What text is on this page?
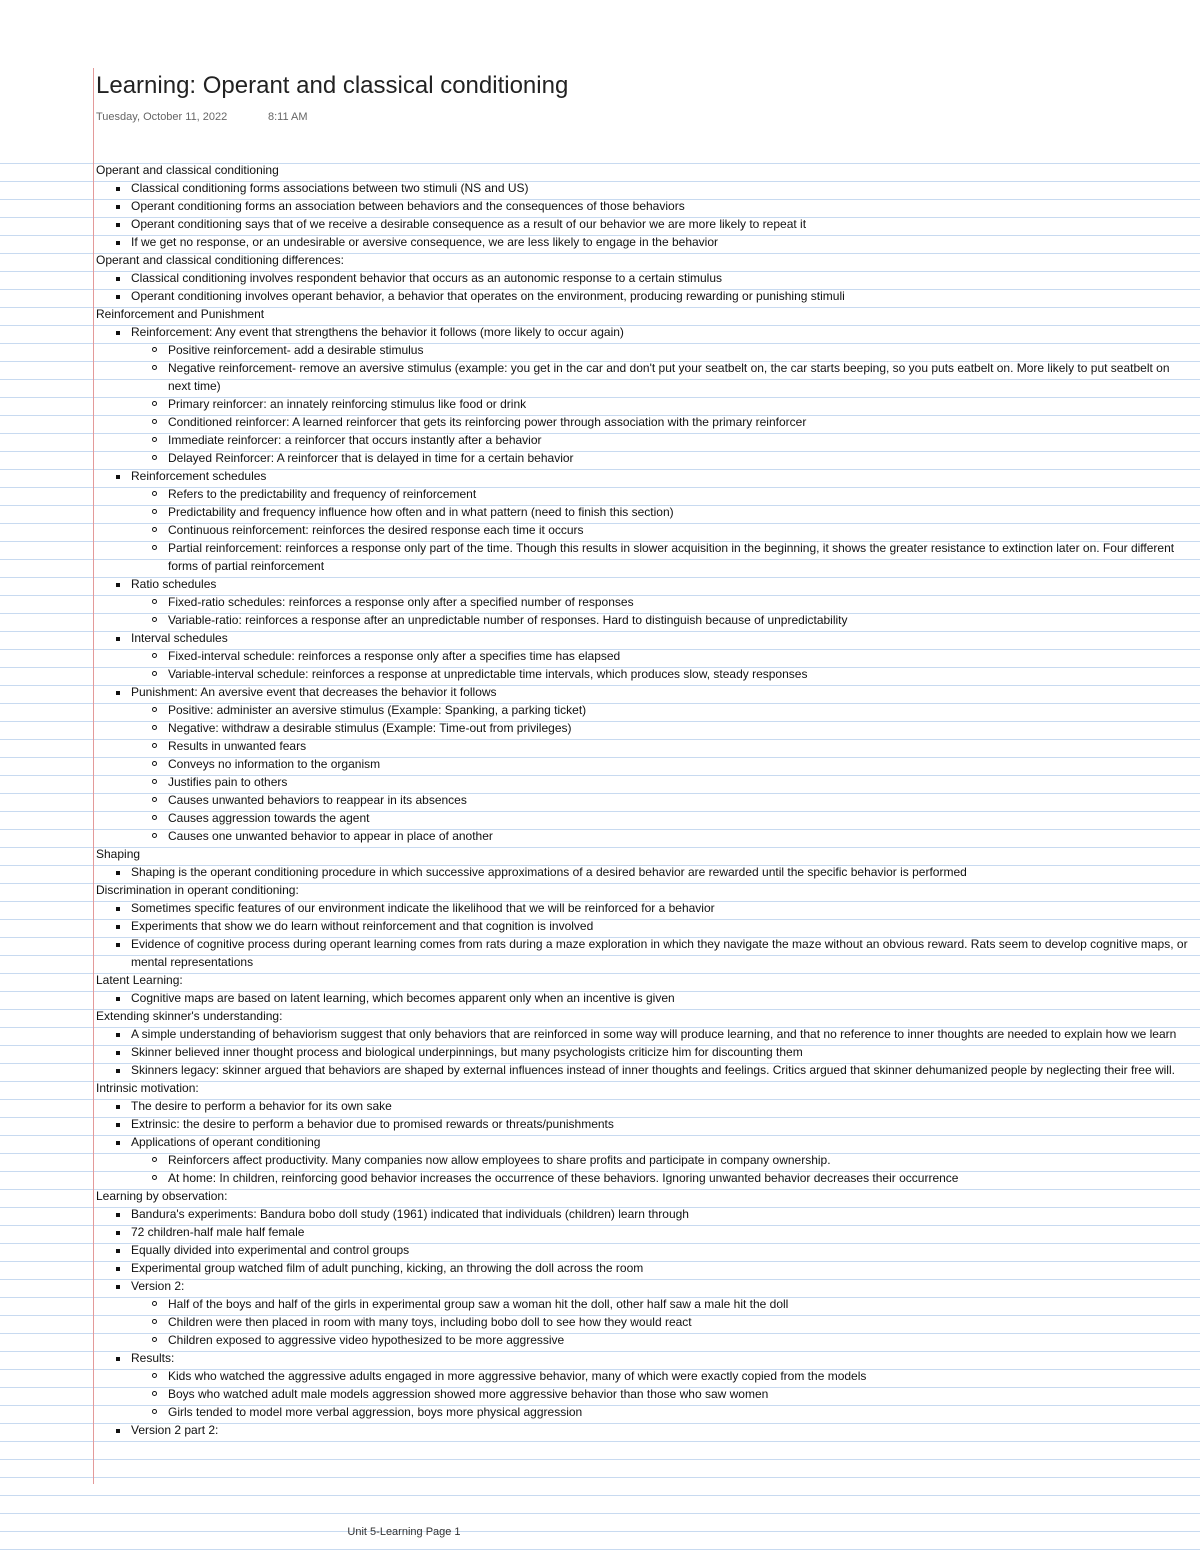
Learning: Operant and classical conditioning
Tuesday, October 11, 2022	8:11 AM
Operant and classical conditioning
Classical conditioning forms associations between two stimuli (NS and US)
Operant conditioning forms an association between behaviors and the consequences of those behaviors
Operant conditioning says that of we receive a desirable consequence as a result of our behavior we are more likely to repeat it
If we get no response, or an undesirable or aversive consequence, we are less likely to engage in the behavior
Operant and classical conditioning differences:
Classical conditioning involves respondent behavior that occurs as an autonomic response to a certain stimulus
Operant conditioning involves operant behavior, a behavior that operates on the environment, producing rewarding or punishing stimuli
Reinforcement and Punishment
Reinforcement: Any event that strengthens the behavior it follows (more likely to occur again)
Positive reinforcement- add a desirable stimulus
Negative reinforcement- remove an aversive stimulus (example: you get in the car and don't put your seatbelt on, the car starts beeping, so you puts eatbelt on. More likely to put seatbelt on next time)
Primary reinforcer: an innately reinforcing stimulus like food or drink
Conditioned reinforcer: A learned reinforcer that gets its reinforcing power through association with the primary reinforcer
Immediate reinforcer: a reinforcer that occurs instantly after a behavior
Delayed Reinforcer: A reinforcer that is delayed in time for a certain behavior
Reinforcement schedules
Refers to the predictability and frequency of reinforcement
Predictability and frequency influence how often and in what pattern (need to finish this section)
Continuous reinforcement: reinforces the desired response each time it occurs
Partial reinforcement: reinforces a response only part of the time. Though this results in slower acquisition in the beginning, it shows the greater resistance to extinction later on. Four different forms of partial reinforcement
Ratio schedules
Fixed-ratio schedules: reinforces a response only after a specified number of responses
Variable-ratio: reinforces a response after an unpredictable number of responses. Hard to distinguish because of unpredictability
Interval schedules
Fixed-interval schedule: reinforces a response only after a specifies time has elapsed
Variable-interval schedule: reinforces a response at unpredictable time intervals, which produces slow, steady responses
Punishment: An aversive event that decreases the behavior it follows
Positive: administer an aversive stimulus (Example: Spanking, a parking ticket)
Negative: withdraw a desirable stimulus (Example: Time-out from privileges)
Results in unwanted fears
Conveys no information to the organism
Justifies pain to others
Causes unwanted behaviors to reappear in its absences
Causes aggression towards the agent
Causes one unwanted behavior to appear in place of another
Shaping
Shaping is the operant conditioning procedure in which successive approximations of a desired behavior are rewarded until the specific behavior is performed
Discrimination in operant conditioning:
Sometimes specific features of our environment indicate the likelihood that we will be reinforced for a behavior
Experiments that show we do learn without reinforcement and that cognition is involved
Evidence of cognitive process during operant learning comes from rats during a maze exploration in which they navigate the maze without an obvious reward. Rats seem to develop cognitive maps, or mental representations
Latent Learning:
Cognitive maps are based on latent learning, which becomes apparent only when an incentive is given
Extending skinner's understanding:
A simple understanding of behaviorism suggest that only behaviors that are reinforced in some way will produce learning, and that no reference to inner thoughts are needed to explain how we learn
Skinner believed inner thought process and biological underpinnings, but many psychologists criticize him for discounting them
Skinners legacy: skinner argued that behaviors are shaped by external influences instead of inner thoughts and feelings. Critics argued that skinner dehumanized people by neglecting their free will.
Intrinsic motivation:
The desire to perform a behavior for its own sake
Extrinsic: the desire to perform a behavior due to promised rewards or threats/punishments
Applications of operant conditioning
Reinforcers affect productivity. Many companies now allow employees to share profits and participate in company ownership.
At home: In children, reinforcing good behavior increases the occurrence of these behaviors. Ignoring unwanted behavior decreases their occurrence
Learning by observation:
Bandura's experiments: Bandura bobo doll study (1961) indicated that individuals (children) learn through
72 children-half male half female
Equally divided into experimental and control groups
Experimental group watched film of adult punching, kicking, an throwing the doll across the room
Version 2:
Half of the boys and half of the girls in experimental group saw a woman hit the doll, other half saw a male hit the doll
Children were then placed in room with many toys, including bobo doll to see how they would react
Children exposed to aggressive video hypothesized to be more aggressive
Results:
Kids who watched the aggressive adults engaged in more aggressive behavior, many of which were exactly copied from the models
Boys who watched adult male models aggression showed more aggressive behavior than those who saw women
Girls tended to model more verbal aggression, boys more physical aggression
Version 2 part 2:
Unit 5-Learning Page 1
